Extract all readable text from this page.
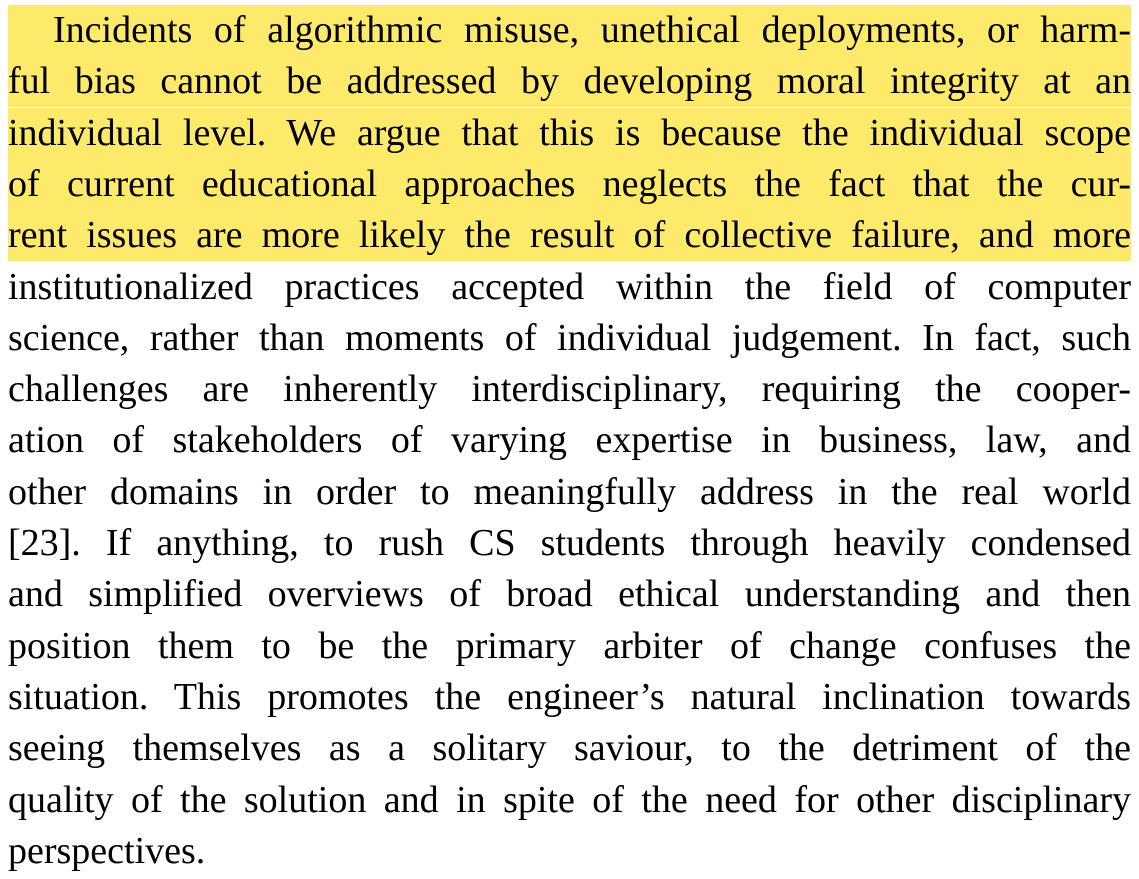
Incidents of algorithmic misuse, unethical deployments, or harm-
ful bias cannot be addressed by developing moral integrity at an
individual level. We argue that this is because the individual scope
of current educational approaches neglects the fact that the cur-
rent issues are more likely the result of collective failure, and more
institutionalized practices accepted within the field of computer
science, rather than moments of individual judgement. In fact, such
challenges are inherently interdisciplinary, requiring the cooper-
ation of stakeholders of varying expertise in business, law, and
other domains in order to meaningfully address in the real world
[23]. If anything, to rush CS students through heavily condensed
and simplified overviews of broad ethical understanding and then
position them to be the primary arbiter of change confuses the
situation. This promotes the engineer’s natural inclination towards
seeing themselves as a solitary saviour, to the detriment of the
quality of the solution and in spite of the need for other disciplinary
perspectives.
